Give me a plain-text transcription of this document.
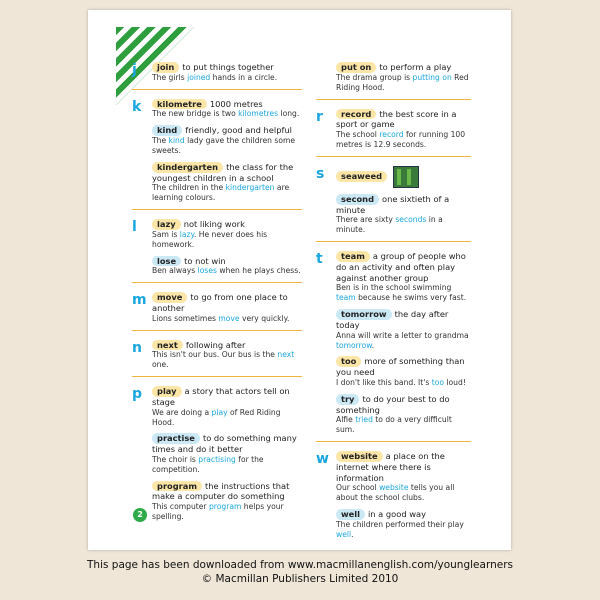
j	join to put things together
The girls joined hands in a circle.
k	kilometre 1000 metres
The new bridge is two kilometres long.
kind friendly, good and helpful
The kind lady gave the children some sweets.
kindergarten the class for the youngest children in a school
The children in the kindergarten are learning colours.
l	lazy not liking work
Sam is lazy. He never does his homework.
lose to not win
Ben always loses when he plays chess.
m	move to go from one place to another
Lions sometimes move very quickly.
n	next following after
This isn't our bus. Our bus is the next one.
p	play a story that actors tell on stage
We are doing a play of Red Riding Hood.
practise to do something many times and do it better
The choir is practising for the competition.
program the instructions that make a computer do something
This computer program helps your spelling.
put on to perform a play
The drama group is putting on Red Riding Hood.
r	record the best score in a sport or game
The school record for running 100 metres is 12.9 seconds.
s	seaweed
second one sixtieth of a minute
There are sixty seconds in a minute.
t	team a group of people who do an activity and often play against another group
Ben is in the school swimming team because he swims very fast.
tomorrow the day after today
Anna will write a letter to grandma tomorrow.
too more of something than you need
I don't like this band. It's too loud!
try to do your best to do something
Alfie tried to do a very difficult sum.
w	website a place on the internet where there is information
Our school website tells you all about the school clubs.
well in a good way
The children performed their play well.
2
This page has been downloaded from www.macmillanenglish.com/younglearners
© Macmillan Publishers Limited 2010
